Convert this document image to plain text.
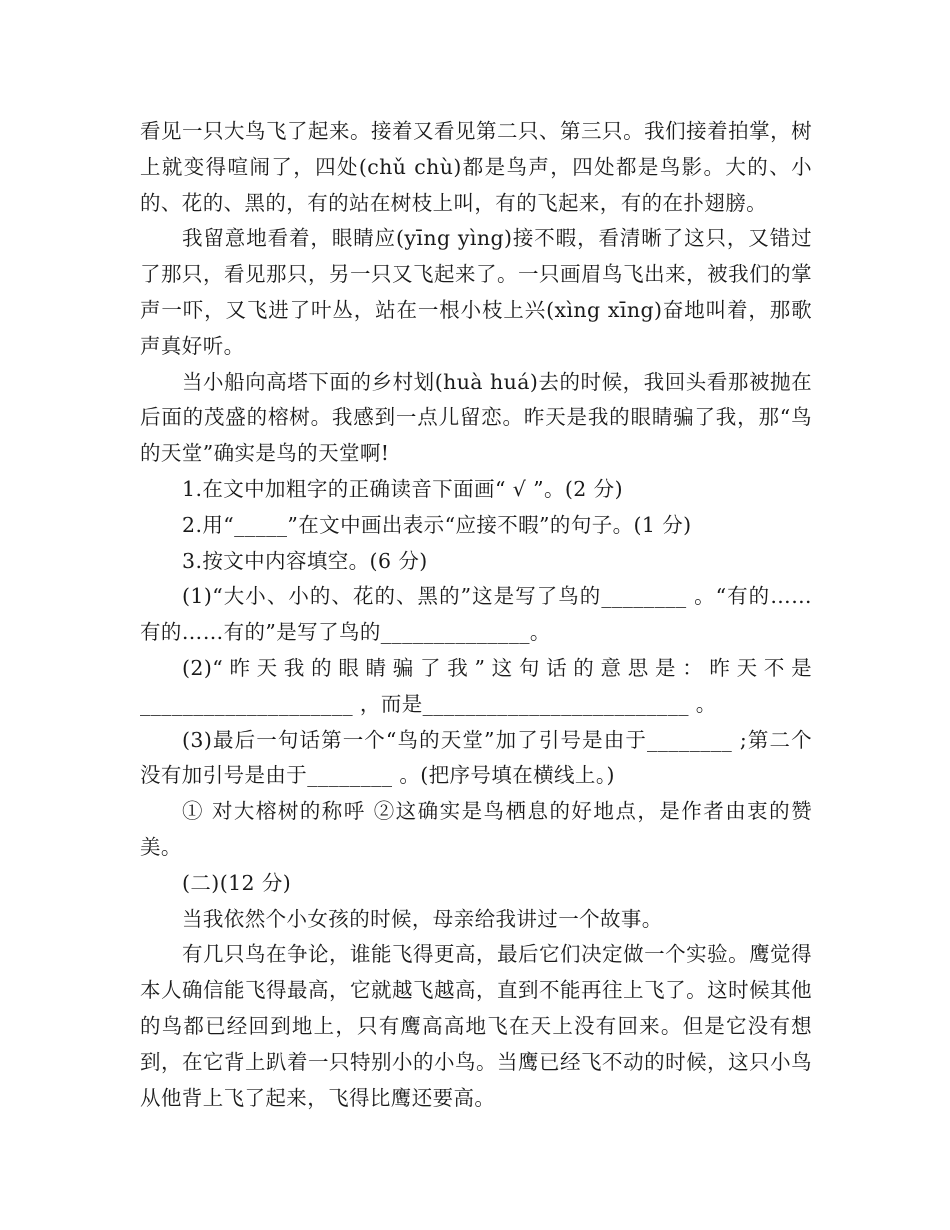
看见一只大鸟飞了起来。接着又看见第二只、第三只。我们接着拍掌，树上就变得喧闹了，四处(chǔ chù)都是鸟声，四处都是鸟影。大的、小的、花的、黑的，有的站在树枝上叫，有的飞起来，有的在扑翅膀。

我留意地看着，眼睛应(yīng yìng)接不暇，看清晰了这只，又错过了那只，看见那只，另一只又飞起来了。一只画眉鸟飞出来，被我们的掌声一吓，又飞进了叶丛，站在一根小枝上兴(xìng xīng)奋地叫着，那歌声真好听。

当小船向高塔下面的乡村划(huà huá)去的时候，我回头看那被抛在后面的茂盛的榕树。我感到一点儿留恋。昨天是我的眼睛骗了我，那“鸟的天堂”确实是鸟的天堂啊!

1.在文中加粗字的正确读音下面画“ √ ”。(2 分)

2.用“_____”在文中画出表示“应接不暇”的句子。(1 分)

3.按文中内容填空。(6 分)

(1)“大小、小的、花的、黑的”这是写了鸟的________ 。“有的……有的……有的”是写了鸟的______________。

(2)“昨天我的眼睛骗了我”这句话的意思是：昨天不是____________________ ，而是_________________________ 。

(3)最后一句话第一个“鸟的天堂”加了引号是由于________ ;第二个没有加引号是由于________ 。(把序号填在横线上。)

① 对大榕树的称呼 ②这确实是鸟栖息的好地点，是作者由衷的赞美。

(二)(12 分)

当我依然个小女孩的时候，母亲给我讲过一个故事。

有几只鸟在争论，谁能飞得更高，最后它们决定做一个实验。鹰觉得本人确信能飞得最高，它就越飞越高，直到不能再往上飞了。这时候其他的鸟都已经回到地上，只有鹰高高地飞在天上没有回来。但是它没有想到，在它背上趴着一只特别小的小鸟。当鹰已经飞不动的时候，这只小鸟从他背上飞了起来，飞得比鹰还要高。
